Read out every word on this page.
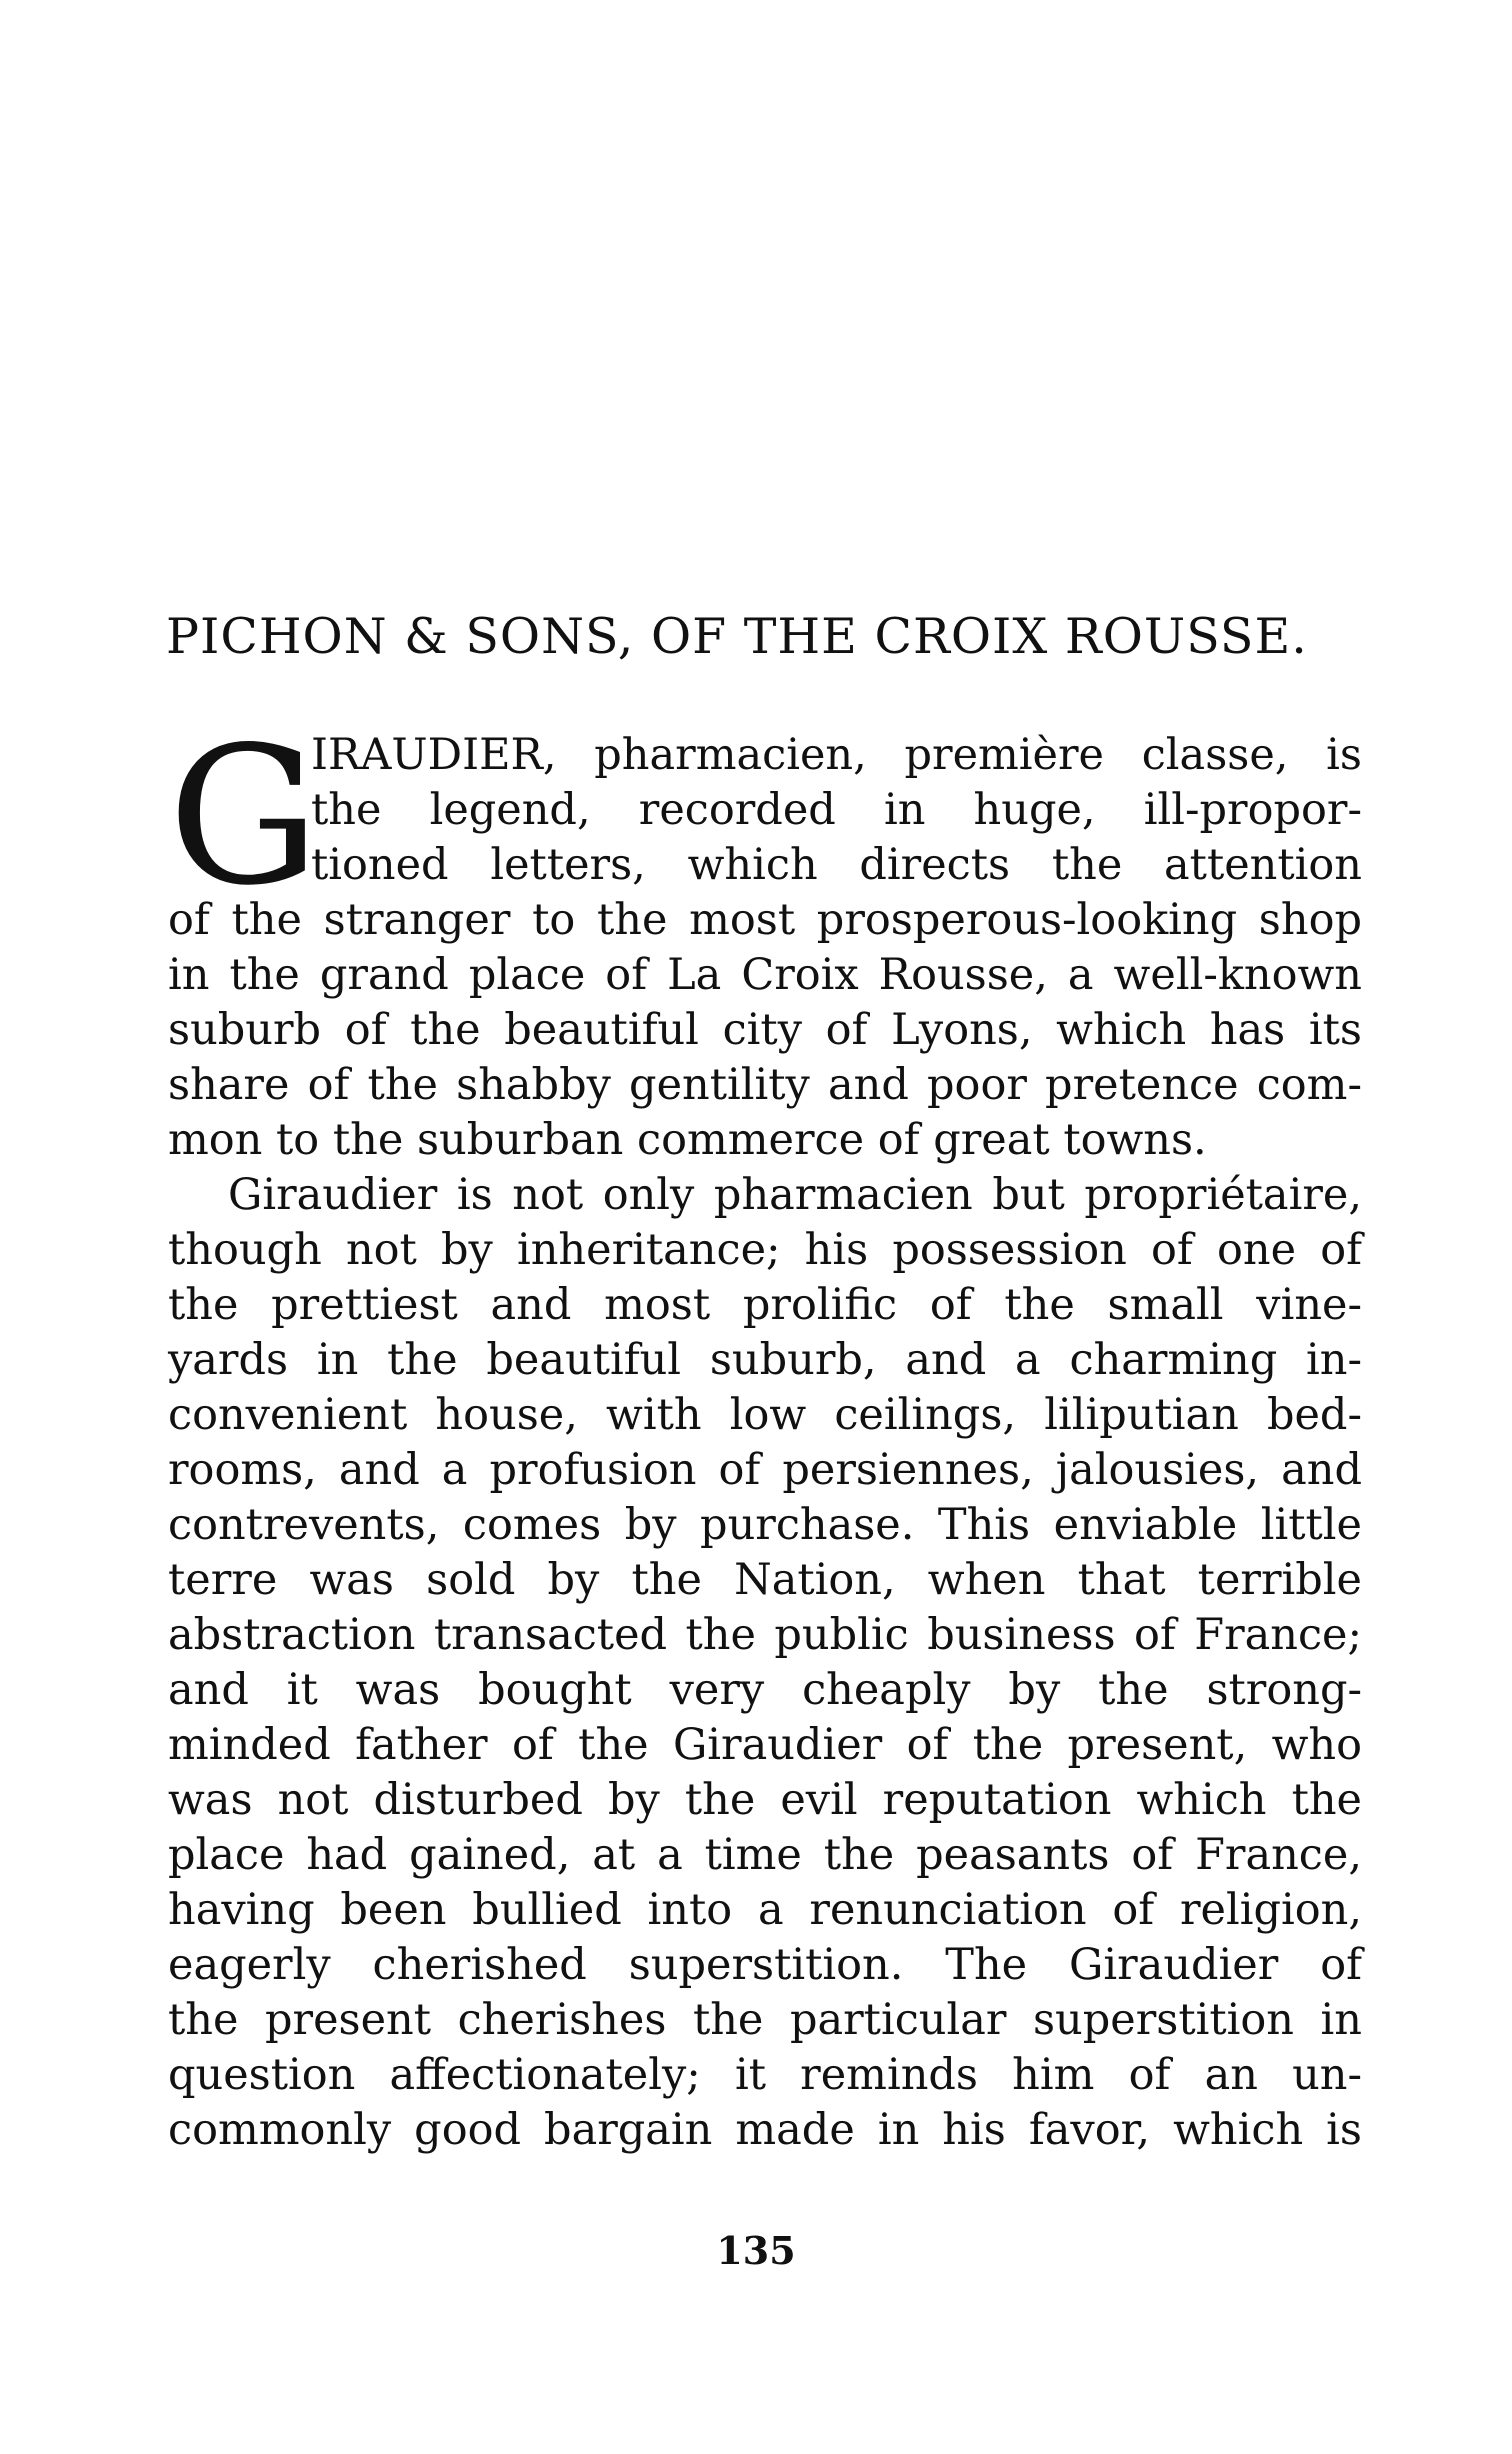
PICHON & SONS, OF THE CROIX ROUSSE.
G
IRAUDIER, pharmacien, première classe, is
the legend, recorded in huge, ill-propor-
tioned letters, which directs the attention
of the stranger to the most prosperous-looking shop
in the grand place of La Croix Rousse, a well-known
suburb of the beautiful city of Lyons, which has its
share of the shabby gentility and poor pretence com-
mon to the suburban commerce of great towns.
Giraudier is not only pharmacien but propriétaire,
though not by inheritance; his possession of one of
the prettiest and most prolific of the small vine-
yards in the beautiful suburb, and a charming in-
convenient house, with low ceilings, liliputian bed-
rooms, and a profusion of persiennes, jalousies, and
contrevents, comes by purchase. This enviable little
terre was sold by the Nation, when that terrible
abstraction transacted the public business of France;
and it was bought very cheaply by the strong-
minded father of the Giraudier of the present, who
was not disturbed by the evil reputation which the
place had gained, at a time the peasants of France,
having been bullied into a renunciation of religion,
eagerly cherished superstition. The Giraudier of
the present cherishes the particular superstition in
question affectionately; it reminds him of an un-
commonly good bargain made in his favor, which is
135
